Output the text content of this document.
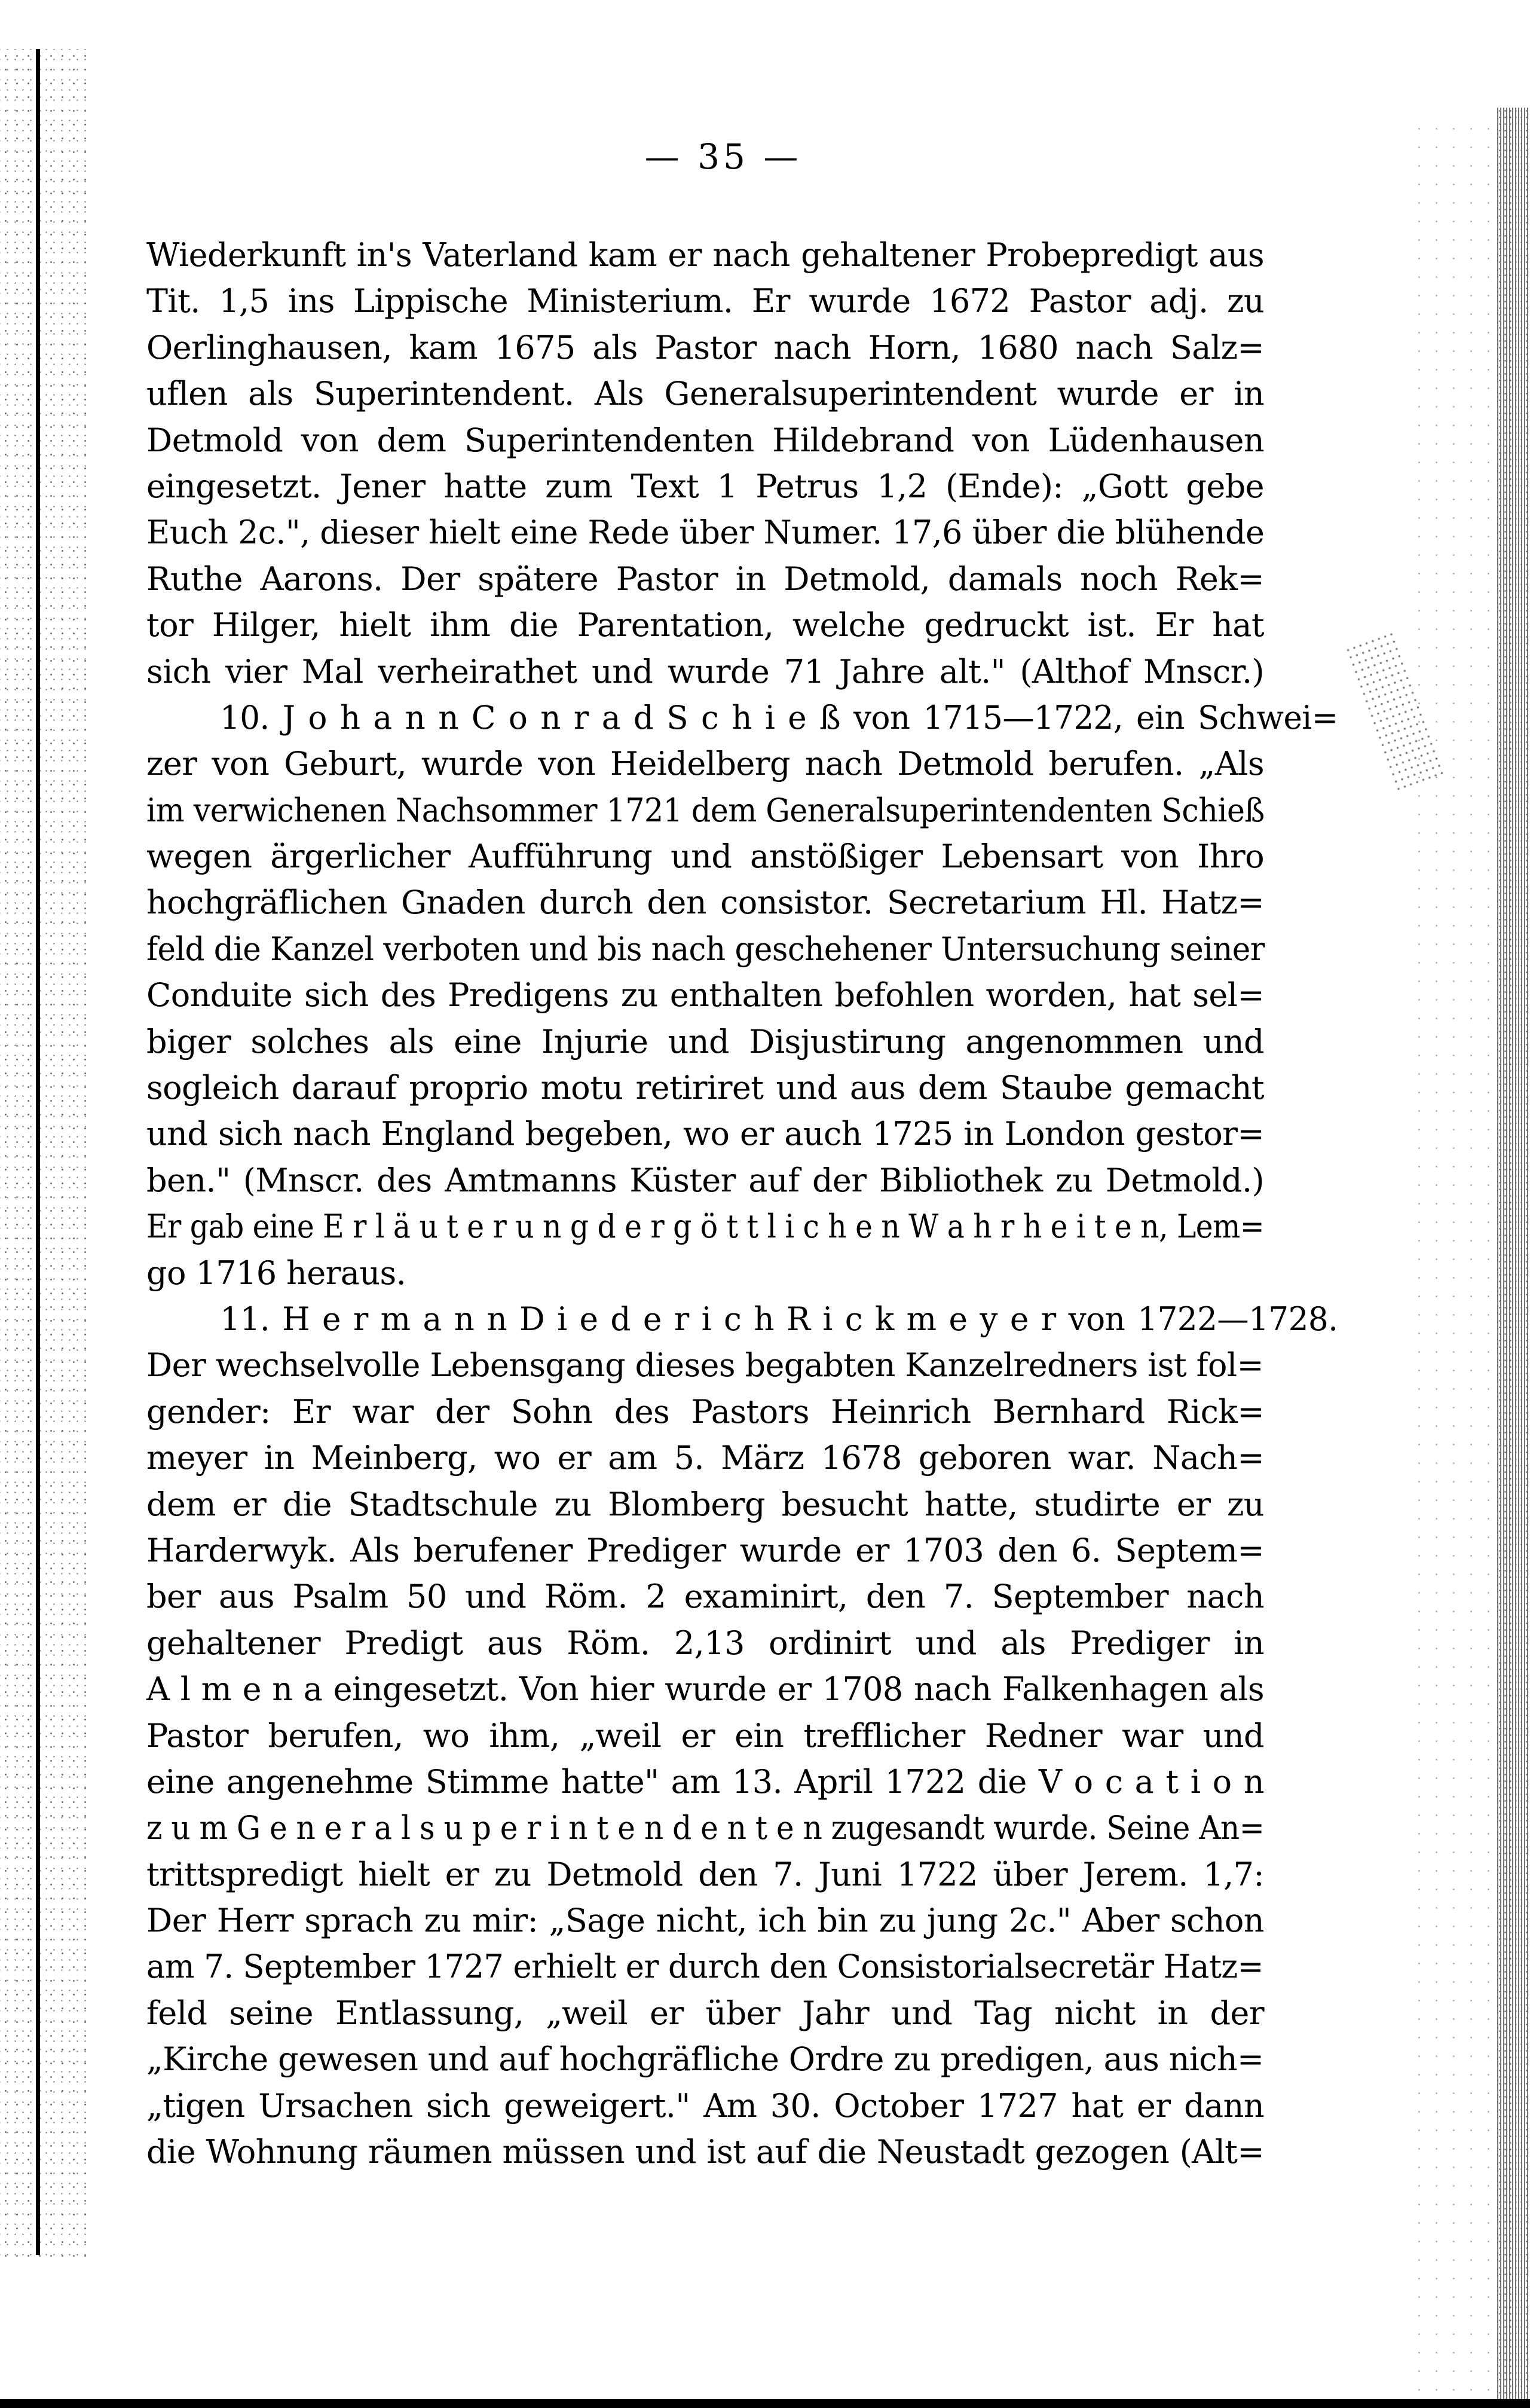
— 35 —
Wiederkunft in's Vaterland kam er nach gehaltener Probepredigt aus
Tit. 1,5 ins Lippische Ministerium. Er wurde 1672 Pastor adj. zu
Oerlinghausen, kam 1675 als Pastor nach Horn, 1680 nach Salz=
uflen als Superintendent. Als Generalsuperintendent wurde er in
Detmold von dem Superintendenten Hildebrand von Lüdenhausen
eingesetzt. Jener hatte zum Text 1 Petrus 1,2 (Ende): „Gott gebe
Euch 2c.", dieser hielt eine Rede über Numer. 17,6 über die blühende
Ruthe Aarons. Der spätere Pastor in Detmold, damals noch Rek=
tor Hilger, hielt ihm die Parentation, welche gedruckt ist. Er hat
sich vier Mal verheirathet und wurde 71 Jahre alt." (Althof Mnscr.)
10. J o h a n n C o n r a d S c h i e ß von 1715—1722, ein Schwei=
zer von Geburt, wurde von Heidelberg nach Detmold berufen. „Als
im verwichenen Nachsommer 1721 dem Generalsuperintendenten Schieß
wegen ärgerlicher Aufführung und anstößiger Lebensart von Ihro
hochgräflichen Gnaden durch den consistor. Secretarium Hl. Hatz=
feld die Kanzel verboten und bis nach geschehener Untersuchung seiner
Conduite sich des Predigens zu enthalten befohlen worden, hat sel=
biger solches als eine Injurie und Disjustirung angenommen und
sogleich darauf proprio motu retiriret und aus dem Staube gemacht
und sich nach England begeben, wo er auch 1725 in London gestor=
ben." (Mnscr. des Amtmanns Küster auf der Bibliothek zu Detmold.)
Er gab eine E r l ä u t e r u n g d e r g ö t t l i c h e n W a h r h e i t e n, Lem=
go 1716 heraus.
11. H e r m a n n D i e d e r i c h R i c k m e y e r von 1722—1728.
Der wechselvolle Lebensgang dieses begabten Kanzelredners ist fol=
gender: Er war der Sohn des Pastors Heinrich Bernhard Rick=
meyer in Meinberg, wo er am 5. März 1678 geboren war. Nach=
dem er die Stadtschule zu Blomberg besucht hatte, studirte er zu
Harderwyk. Als berufener Prediger wurde er 1703 den 6. Septem=
ber aus Psalm 50 und Röm. 2 examinirt, den 7. September nach
gehaltener Predigt aus Röm. 2,13 ordinirt und als Prediger in
A l m e n a eingesetzt. Von hier wurde er 1708 nach Falkenhagen als
Pastor berufen, wo ihm, „weil er ein trefflicher Redner war und
eine angenehme Stimme hatte" am 13. April 1722 die V o c a t i o n
z u m G e n e r a l s u p e r i n t e n d e n t e n zugesandt wurde. Seine An=
trittspredigt hielt er zu Detmold den 7. Juni 1722 über Jerem. 1,7:
Der Herr sprach zu mir: „Sage nicht, ich bin zu jung 2c." Aber schon
am 7. September 1727 erhielt er durch den Consistorialsecretär Hatz=
feld seine Entlassung, „weil er über Jahr und Tag nicht in der
„Kirche gewesen und auf hochgräfliche Ordre zu predigen, aus nich=
„tigen Ursachen sich geweigert." Am 30. October 1727 hat er dann
die Wohnung räumen müssen und ist auf die Neustadt gezogen (Alt=
